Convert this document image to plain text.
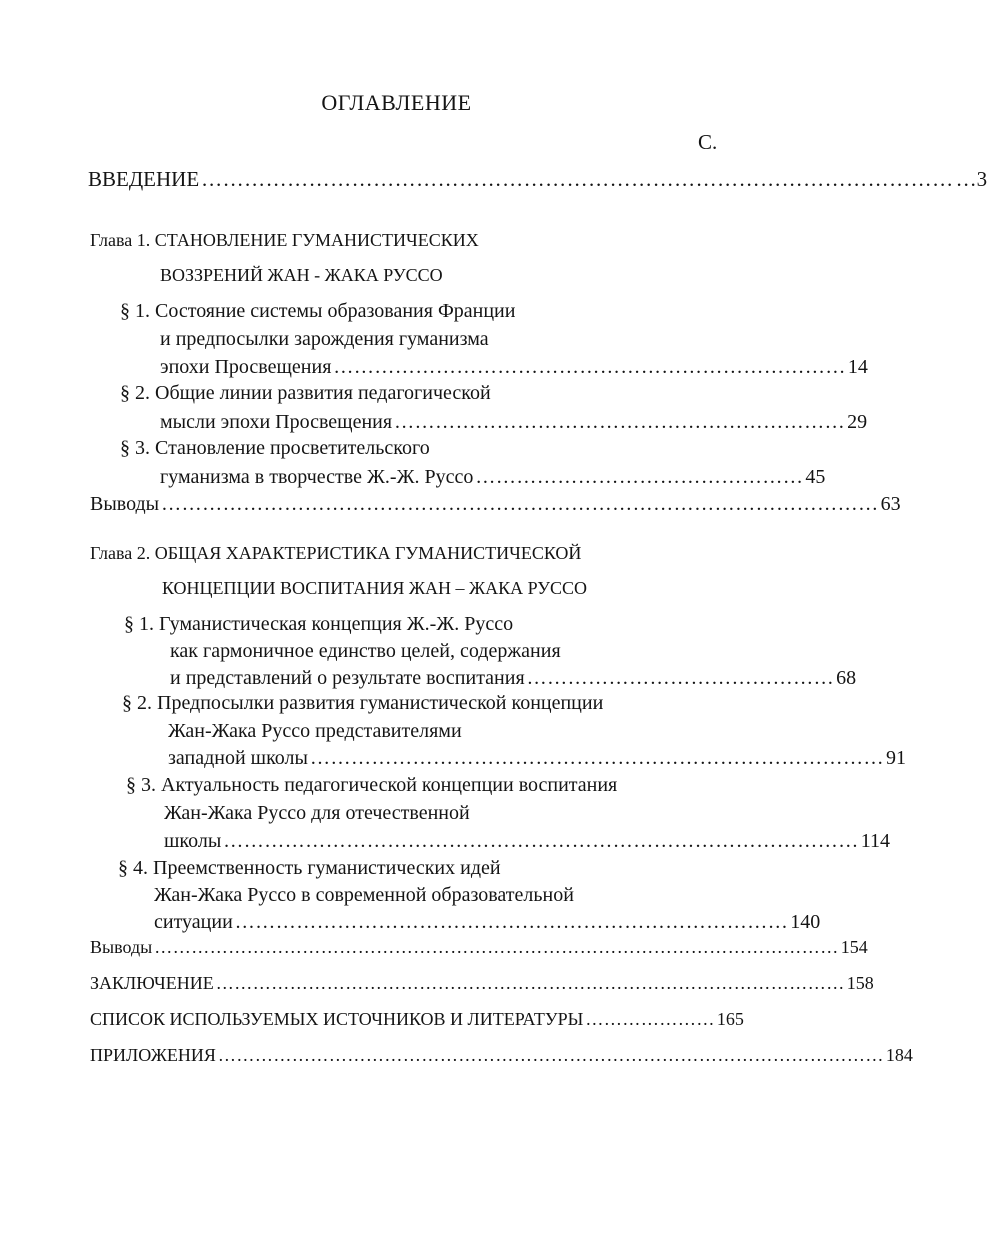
ОГЛАВЛЕНИЕ
С.
ВВЕДЕНИЕ …………………………………………………………………………………………… …3
Глава 1. СТАНОВЛЕНИЕ ГУМАНИСТИЧЕСКИХ
ВОЗЗРЕНИЙ ЖАН - ЖАКА РУССО
§ 1. Состояние системы образования Франции
и предпосылки зарождения гуманизма
эпохи Просвещения ………………………………………………………………… 14
§ 2. Общие линии развития педагогической
мысли эпохи Просвещения ………………………………………………………… 29
§ 3. Становление просветительского
гуманизма в творчестве Ж.-Ж. Руссо ………………………………………… 45
Выводы …………………………………………………………………………………………… 63
Глава 2. ОБЩАЯ ХАРАКТЕРИСТИКА ГУМАНИСТИЧЕСКОЙ
КОНЦЕПЦИИ ВОСПИТАНИЯ ЖАН – ЖАКА РУССО
§ 1. Гуманистическая концепция Ж.-Ж. Руссо
как гармоничное единство целей, содержания
и представлений о результате воспитания ……………………………………… 68
§ 2. Предпосылки развития гуманистической концепции
Жан-Жака Руссо представителями
западной школы ………………………………………………………………………… 91
§ 3. Актуальность педагогической концепции воспитания
Жан-Жака Руссо для отечественной
школы ………………………………………………………………………………… 114
§ 4. Преемственность гуманистических идей
Жан-Жака Руссо в современной образовательной
ситуации ……………………………………………………………………… 140
Выводы ………………………………………………………………………………………………… 154
ЗАКЛЮЧЕНИЕ ………………………………………………………………………………………… 158
СПИСОК ИСПОЛЬЗУЕМЫХ ИСТОЧНИКОВ И ЛИТЕРАТУРЫ ………………… 165
ПРИЛОЖЕНИЯ ……………………………………………………………………………………………… 184
